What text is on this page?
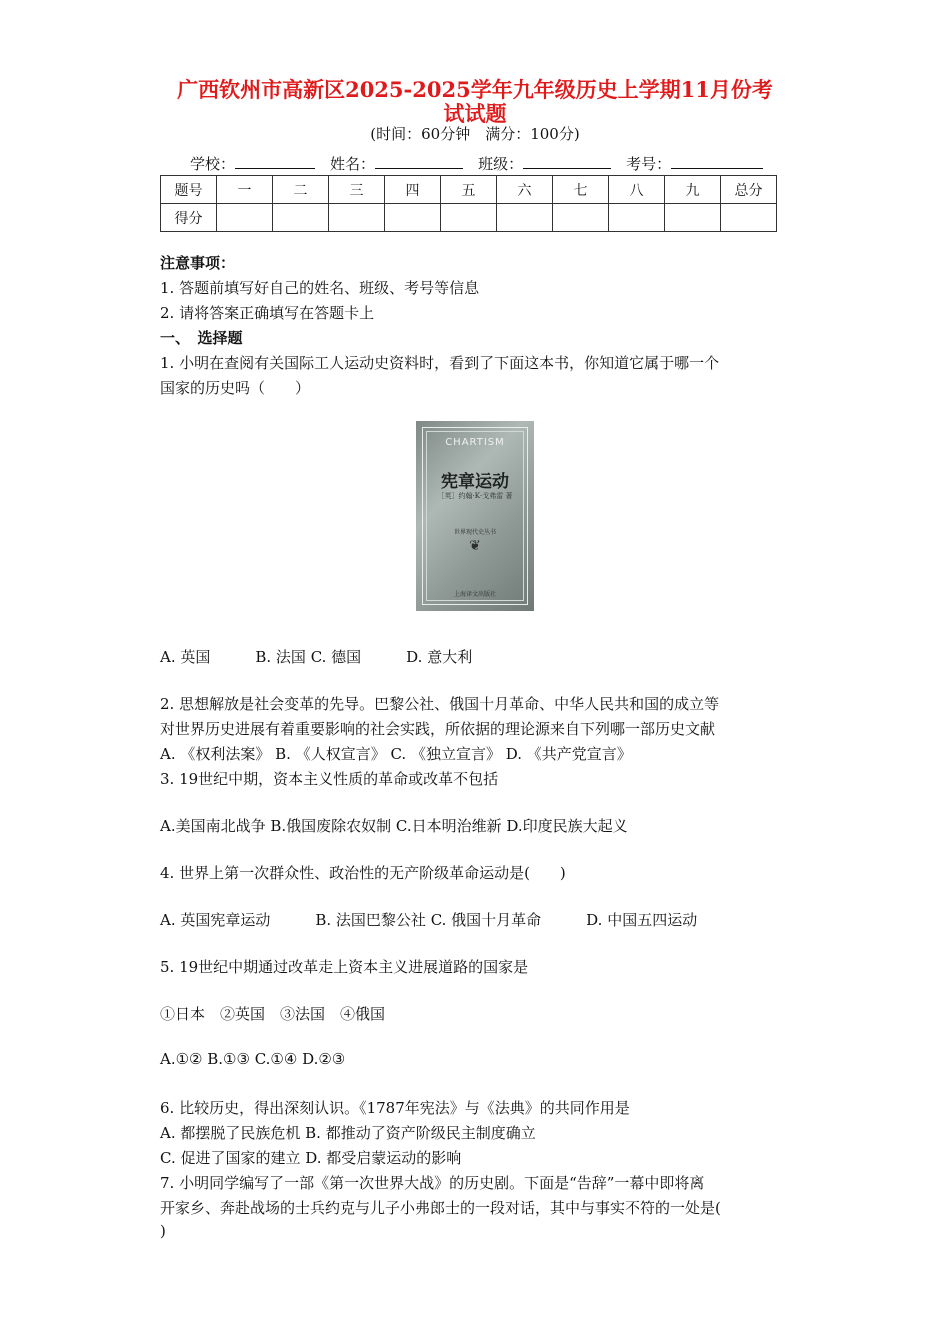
广西钦州市高新区2025-2025学年九年级历史上学期11月份考
试试题
(时间：60分钟　满分：100分)
学校：　	姓名：　	班级：　	考号：
题号	一	二	三	四	五	六	七	八	九	总分
得分										
注意事项：
1. 答题前填写好自己的姓名、班级、考号等信息
2. 请将答案正确填写在答题卡上
一、　选择题
1. 小明在查阅有关国际工人运动史资料时，看到了下面这本书，你知道它属于哪一个
国家的历史吗（　　）
CHARTISM
宪章运动
［英］约翰·K·戈弗雷 著
世界现代史丛书
❦
上海译文出版社
A. 英国　　　B. 法国 C. 德国　　　D. 意大利
2. 思想解放是社会变革的先导。巴黎公社、俄国十月革命、中华人民共和国的成立等
对世界历史进展有着重要影响的社会实践，所依据的理论源来自下列哪一部历史文献
A. 《权利法案》 B. 《人权宣言》 C. 《独立宣言》 D. 《共产党宣言》
3. 19世纪中期，资本主义性质的革命或改革不包括
A.美国南北战争 B.俄国废除农奴制 C.日本明治维新 D.印度民族大起义
4. 世界上第一次群众性、政治性的无产阶级革命运动是(　　)
A. 英国宪章运动　　　B. 法国巴黎公社 C. 俄国十月革命　　　D. 中国五四运动
5. 19世纪中期通过改革走上资本主义进展道路的国家是
①日本　②英国　③法国　④俄国
A.①② B.①③ C.①④ D.②③
6. 比较历史，得出深刻认识。《1787年宪法》与《法典》的共同作用是
A. 都摆脱了民族危机 B. 都推动了资产阶级民主制度确立
C. 促进了国家的建立 D. 都受启蒙运动的影响
7. 小明同学编写了一部《第一次世界大战》的历史剧。下面是“告辞”一幕中即将离
开家乡、奔赴战场的士兵约克与儿子小弗郎士的一段对话，其中与事实不符的一处是(
)
